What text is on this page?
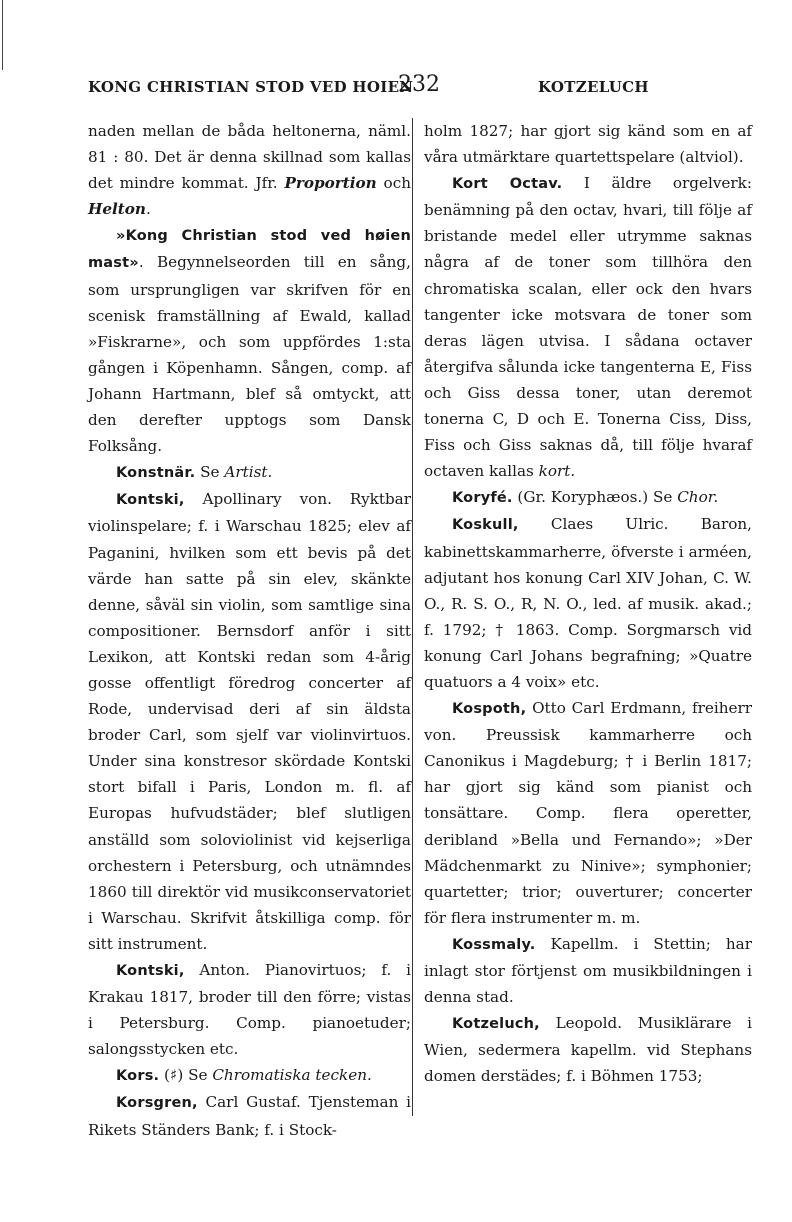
KONG CHRISTIAN STOD VED HOIEN
232	KOTZELUCH

naden mellan de båda heltonerna, näml. 81 : 80. Det är denna skillnad som kallas det mindre kommat. Jfr. Proportion och Helton.

»Kong Christian stod ved høien mast». Begynnelseorden till en sång, som ursprungligen var skrifven för en scenisk framställning af Ewald, kallad »Fiskrarne», och som uppfördes 1:sta gången i Köpenhamn. Sången, comp. af Johann Hartmann, blef så omtyckt, att den derefter upptogs som Dansk Folksång.

Konstnär. Se Artist.

Kontski, Apollinary von. Ryktbar violinspelare; f. i Warschau 1825; elev af Paganini, hvilken som ett bevis på det värde han satte på sin elev, skänkte denne, såväl sin violin, som samtlige sina compositioner. Bernsdorf anför i sitt Lexikon, att Kontski redan som 4-årig gosse offentligt föredrog concerter af Rode, undervisad deri af sin äldsta broder Carl, som sjelf var violinvirtuos. Under sina konstresor skördade Kontski stort bifall i Paris, London m. fl. af Europas hufvudstäder; blef slutligen anställd som soloviolinist vid kejserliga orchestern i Petersburg, och utnämndes 1860 till direktör vid musikconservatoriet i Warschau. Skrifvit åtskilliga comp. för sitt instrument.

Kontski, Anton. Pianovirtuos; f. i Krakau 1817, broder till den förre; vistas i Petersburg. Comp. pianoetuder; salongsstycken etc.

Kors. (♯) Se Chromatiska tecken.

Korsgren, Carl Gustaf. Tjensteman i Rikets Ständers Bank; f. i Stock-

holm 1827; har gjort sig känd som en af våra utmärktare quartettspelare (altviol).

Kort Octav. I äldre orgelverk: benämning på den octav, hvari, till följe af bristande medel eller utrymme saknas några af de toner som tillhöra den chromatiska scalan, eller ock den hvars tangenter icke motsvara de toner som deras lägen utvisa. I sådana octaver återgifva sålunda icke tangenterna E, Fiss och Giss dessa toner, utan deremot tonerna C, D och E. Tonerna Ciss, Diss, Fiss och Giss saknas då, till följe hvaraf octaven kallas kort.

Koryfé. (Gr. Koryphæos.) Se Chor.

Koskull, Claes Ulric. Baron, kabinettskammarherre, öfverste i arméen, adjutant hos konung Carl XIV Johan, C. W. O., R. S. O., R, N. O., led. af musik. akad.; f. 1792; † 1863. Comp. Sorgmarsch vid konung Carl Johans begrafning; »Quatre quatuors a 4 voix» etc.

Kospoth, Otto Carl Erdmann, freiherr von. Preussisk kammarherre och Canonikus i Magdeburg; † i Berlin 1817; har gjort sig känd som pianist och tonsättare. Comp. flera operetter, deribland »Bella und Fernando»; »Der Mädchenmarkt zu Ninive»; symphonier; quartetter; trior; ouverturer; concerter för flera instrumenter m. m.

Kossmaly. Kapellm. i Stettin; har inlagt stor förtjenst om musikbildningen i denna stad.

Kotzeluch, Leopold. Musiklärare i Wien, sedermera kapellm. vid Stephans domen derstädes; f. i Böhmen 1753;
